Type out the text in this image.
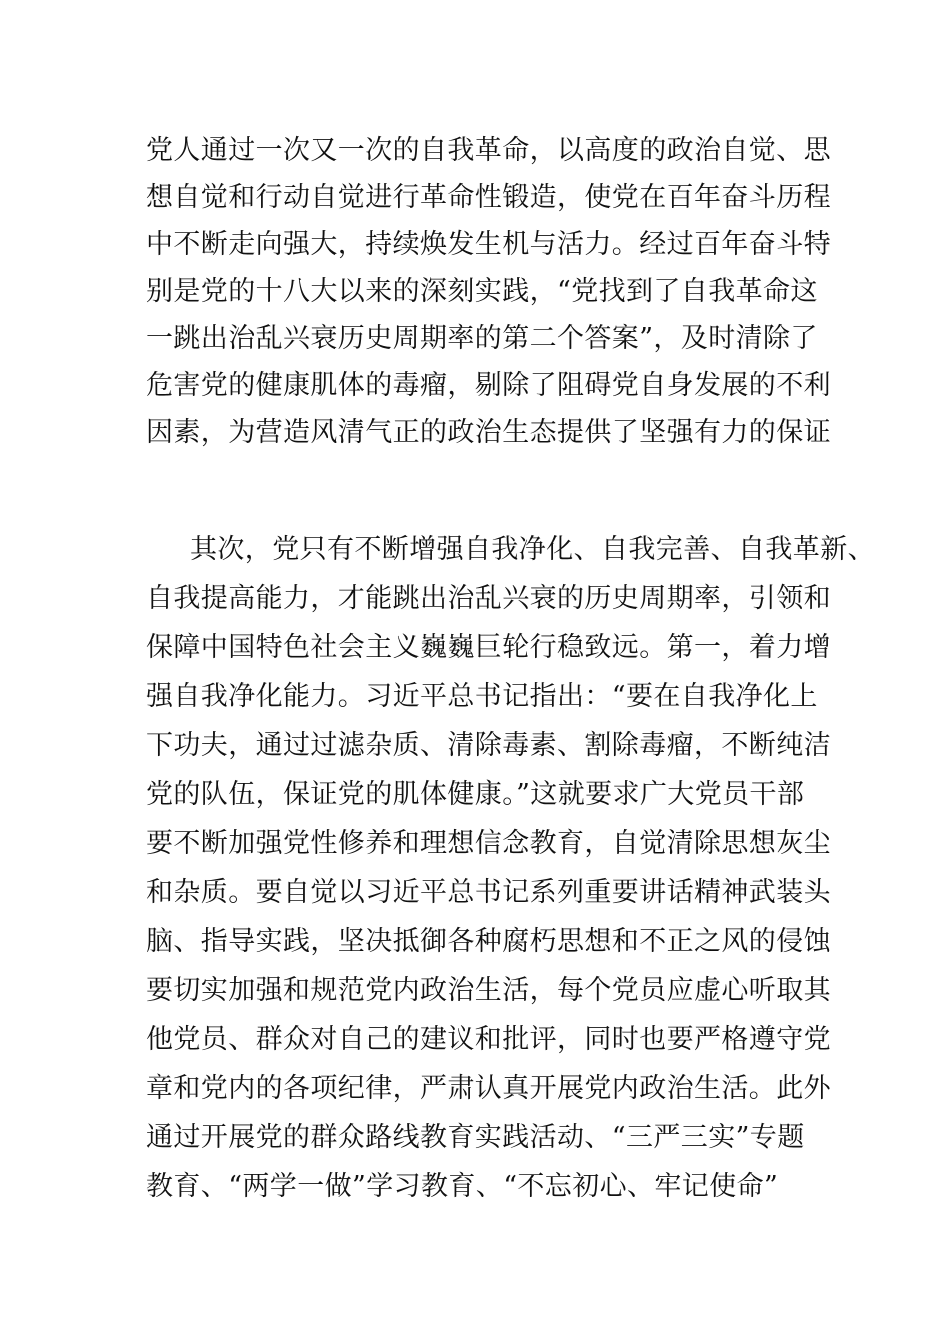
党人通过一次又一次的自我革命，以高度的政治自觉、思
想自觉和行动自觉进行革命性锻造，使党在百年奋斗历程
中不断走向强大，持续焕发生机与活力。经过百年奋斗特
别是党的十八大以来的深刻实践，“党找到了自我革命这
一跳出治乱兴衰历史周期率的第二个答案”，及时清除了
危害党的健康肌体的毒瘤，剔除了阻碍党自身发展的不利
因素，为营造风清气正的政治生态提供了坚强有力的保证
其次，党只有不断增强自我净化、自我完善、自我革新、
自我提高能力，才能跳出治乱兴衰的历史周期率，引领和
保障中国特色社会主义巍巍巨轮行稳致远。第一，着力增
强自我净化能力。习近平总书记指出：“要在自我净化上
下功夫，通过过滤杂质、清除毒素、割除毒瘤，不断纯洁
党的队伍，保证党的肌体健康。”这就要求广大党员干部
要不断加强党性修养和理想信念教育，自觉清除思想灰尘
和杂质。要自觉以习近平总书记系列重要讲话精神武装头
脑、指导实践，坚决抵御各种腐朽思想和不正之风的侵蚀
要切实加强和规范党内政治生活，每个党员应虚心听取其
他党员、群众对自己的建议和批评，同时也要严格遵守党
章和党内的各项纪律，严肃认真开展党内政治生活。此外
通过开展党的群众路线教育实践活动、“三严三实”专题
教育、“两学一做”学习教育、“不忘初心、牢记使命”
